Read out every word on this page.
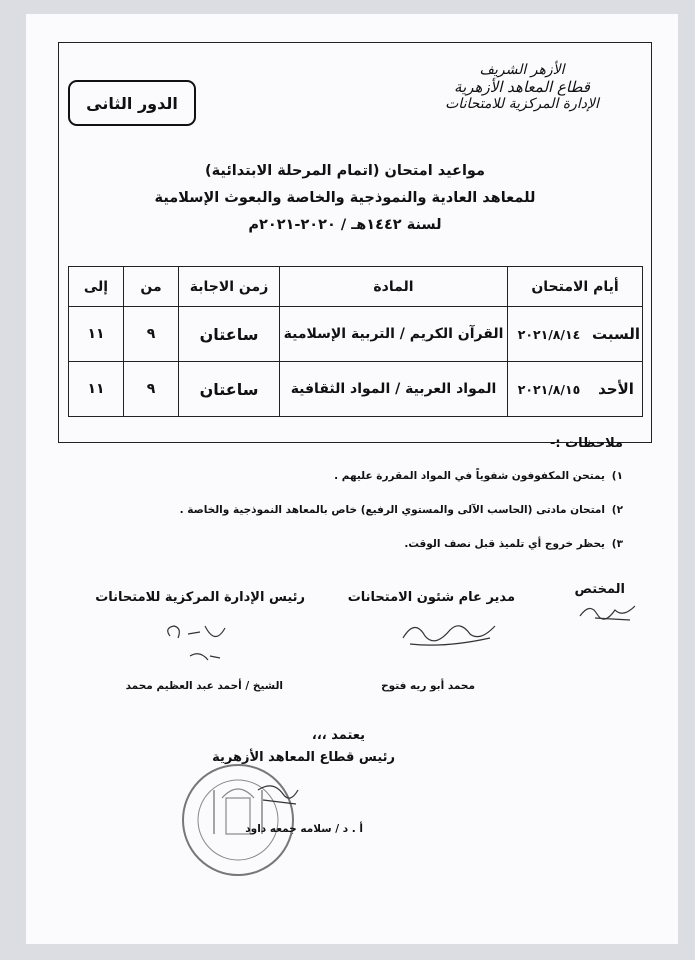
الأزهر الشريف
قطاع المعاهد الأزهرية
الإدارة المركزية للامتحانات
الدور الثانى
مواعيد امتحان (اتمام المرحلة الابتدائية)
للمعاهد العادية والنموذجية والخاصة والبعوث الإسلامية
لسنة ١٤٤٢هـ / ٢٠٢٠-٢٠٢١م
أيام الامتحان		المادة	زمن الاجابة	من	إلى
السبت	٢٠٢١/٨/١٤	القرآن الكريم / التربية الإسلامية	ساعتان	٩	١١
الأحد	٢٠٢١/٨/١٥	المواد العربية / المواد الثقافية	ساعتان	٩	١١
ملاحظات :-
١)يمتحن المكفوفون شفوياً في المواد المقررة عليهم .
٢)امتحان مادتى (الحاسب الآلى والمستوي الرفيع) خاص بالمعاهد النموذجية والخاصة .
٣)يحظر خروج أي تلميذ قبل نصف الوقت.
المختص
مدير عام شئون الامتحانات
محمد أبو ريه فتوح
رئيس الإدارة المركزية للامتحانات
الشيخ / أحمد عبد العظيم محمد
يعتمد ،،،
رئيس قطاع المعاهد الأزهرية
أ . د / سلامه جمعه داود
